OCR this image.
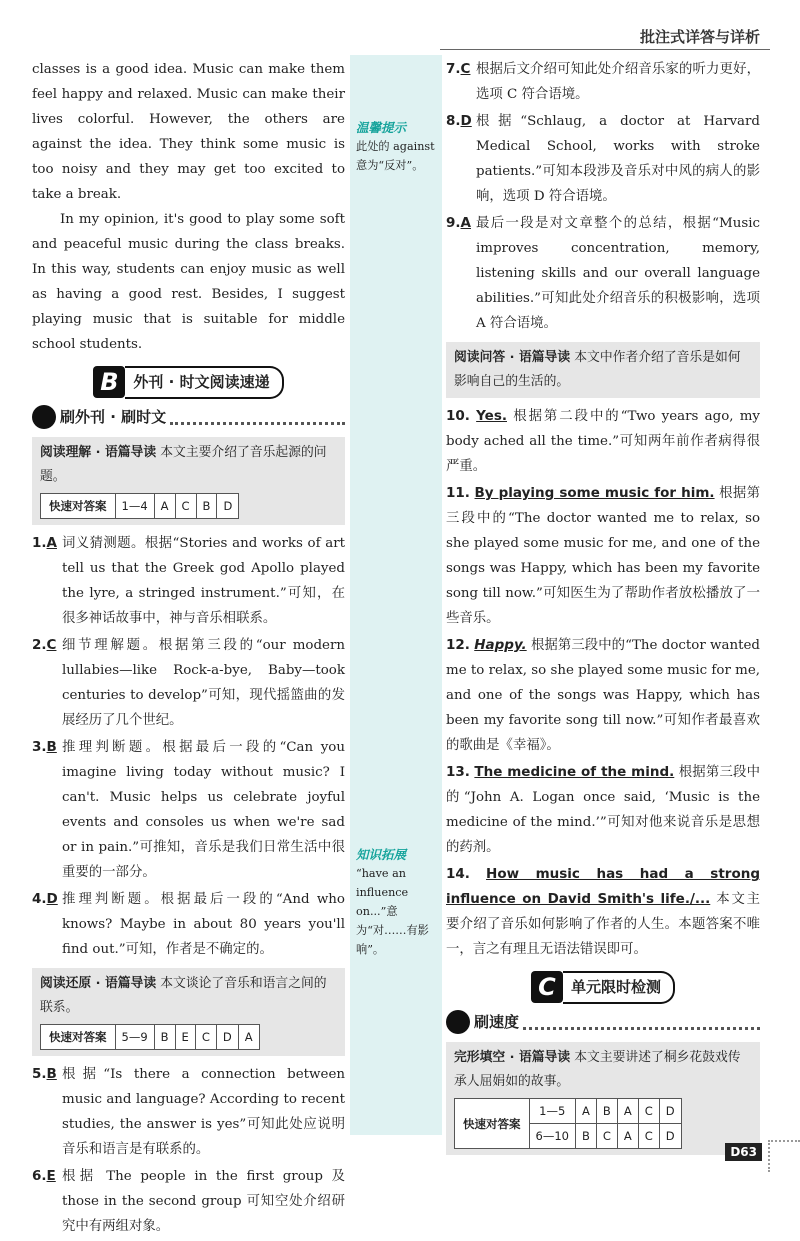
批注式详答与详析

classes is a good idea. Music can make them feel happy and relaxed. Music can make their lives colorful. However, the others are against the idea. They think some music is too noisy and they may get too excited to take a break.

In my opinion, it's good to play some soft and peaceful music during the class breaks. In this way, students can enjoy music as well as having a good rest. Besides, I suggest playing music that is suitable for middle school students.

B 外刊 · 时文阅读速递
刷外刊 · 刷时文
阅读理解 · 语篇导读 本文主要介绍了音乐起源的问题。
快速对答案	1—4	A	C	B	D
1.A 词义猜测题。根据“Stories and works of art tell us that the Greek god Apollo played the lyre, a stringed instrument.”可知，在很多神话故事中，神与音乐相联系。
2.C 细节理解题。根据第三段的“our modern lullabies—like Rock-a-bye, Baby—took centuries to develop”可知，现代摇篮曲的发展经历了几个世纪。
3.B 推理判断题。根据最后一段的“Can you imagine living today without music? I can't. Music helps us celebrate joyful events and consoles us when we're sad or in pain.”可推知，音乐是我们日常生活中很重要的一部分。
4.D 推理判断题。根据最后一段的“And who knows? Maybe in about 80 years you'll find out.”可知，作者是不确定的。
阅读还原 · 语篇导读 本文谈论了音乐和语言之间的联系。
快速对答案	5—9	B	E	C	D	A
5.B 根据“Is there a connection between music and language? According to recent studies, the answer is yes”可知此处应说明音乐和语言是有联系的。
6.E 根据 The people in the first group 及 those in the second group 可知空处介绍研究中有两组对象。
温馨提示
此处的 against 意为“反对”。
知识拓展
“have an influence on...”意为“对……有影响”。
7.C 根据后文介绍可知此处介绍音乐家的听力更好，选项 C 符合语境。
8.D 根据“Schlaug, a doctor at Harvard Medical School, works with stroke patients.”可知本段涉及音乐对中风的病人的影响，选项 D 符合语境。
9.A 最后一段是对文章整个的总结，根据“Music improves concentration, memory, listening skills and our overall language abilities.”可知此处介绍音乐的积极影响，选项 A 符合语境。
阅读问答 · 语篇导读 本文中作者介绍了音乐是如何影响自己的生活的。
10. Yes. 根据第二段中的“Two years ago, my body ached all the time.”可知两年前作者病得很严重。
11. By playing some music for him. 根据第三段中的“The doctor wanted me to relax, so she played some music for me, and one of the songs was Happy, which has been my favorite song till now.”可知医生为了帮助作者放松播放了一些音乐。
12. Happy. 根据第三段中的“The doctor wanted me to relax, so she played some music for me, and one of the songs was Happy, which has been my favorite song till now.”可知作者最喜欢的歌曲是《幸福》。
13. The medicine of the mind. 根据第三段中的“John A. Logan once said, ‘Music is the medicine of the mind.’”可知对他来说音乐是思想的药剂。
14. How music has had a strong influence on David Smith's life./... 本文主要介绍了音乐如何影响了作者的人生。本题答案不唯一，言之有理且无语法错误即可。
C	单元限时检测
刷速度
完形填空 · 语篇导读 本文主要讲述了桐乡花鼓戏传承人屈娟如的故事。
快速对答案	1—5	A	B	A	C	D
	6—10	B	C	A	C	D
D63
